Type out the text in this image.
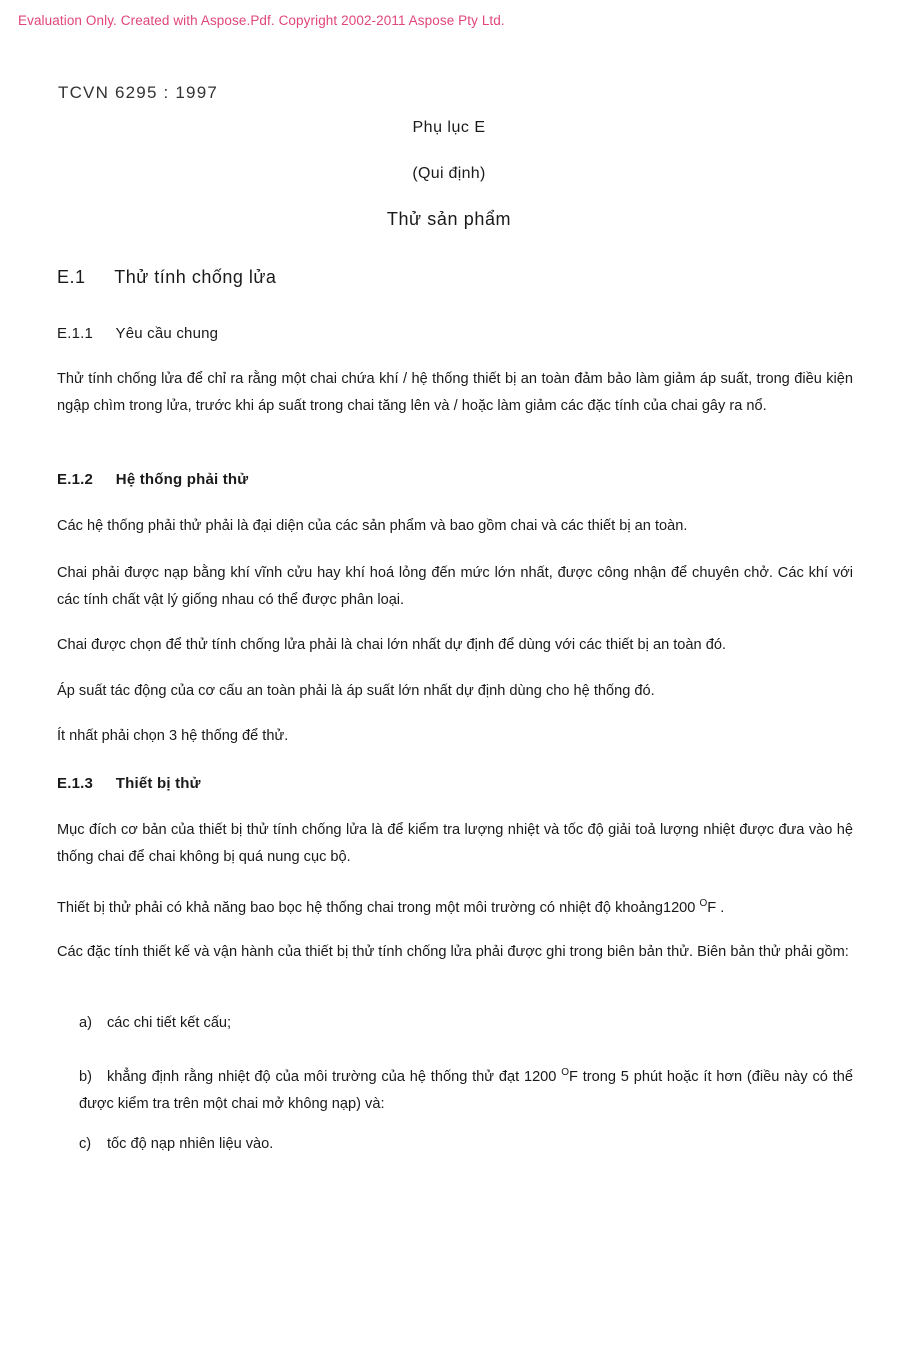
Evaluation Only. Created with Aspose.Pdf. Copyright 2002-2011 Aspose Pty Ltd.
TCVN 6295 : 1997
Phụ lục E
(Qui định)
Thử sản phẩm
E.1 Thử tính chống lửa
E.1.1 Yêu cầu chung
Thử tính chống lửa để chỉ ra rằng một chai chứa khí / hệ thống thiết bị an toàn đảm bảo làm giảm áp suất, trong điều kiện ngập chìm trong lửa, trước khi áp suất trong chai tăng lên và / hoặc làm giảm các đặc tính của chai gây ra nổ.
E.1.2 Hệ thống phải thử
Các hệ thống phải thử phải là đại diện của các sản phẩm và bao gồm chai và các thiết bị an toàn.
Chai phải được nạp bằng khí vĩnh cửu hay khí hoá lỏng đến mức lớn nhất, được công nhận để chuyên chở. Các khí với các tính chất vật lý giống nhau có thể được phân loại.
Chai được chọn để thử tính chống lửa phải là chai lớn nhất dự định để dùng với các thiết bị an toàn đó.
Áp suất tác động của cơ cấu an toàn phải là áp suất lớn nhất dự định dùng cho hệ thống đó.
Ít nhất phải chọn 3 hệ thống để thử.
E.1.3 Thiết bị thử
Mục đích cơ bản của thiết bị thử tính chống lửa là để kiểm tra lượng nhiệt và tốc độ giải toả lượng nhiệt được đưa vào hệ thống chai để chai không bị quá nung cục bộ.
Thiết bị thử phải có khả năng bao bọc hệ thống chai trong một môi trường có nhiệt độ khoảng1200 $^O$F .
Các đặc tính thiết kế và vận hành của thiết bị thử tính chống lửa phải được ghi trong biên bản thử. Biên bản thử phải gồm:
a) các chi tiết kết cấu;
b) khẳng định rằng nhiệt độ của môi trường của hệ thống thử đạt 1200 $^O$F trong 5 phút hoặc ít hơn (điều này có thể được kiểm tra trên một chai mở không nạp) và:
c) tốc độ nạp nhiên liệu vào.
